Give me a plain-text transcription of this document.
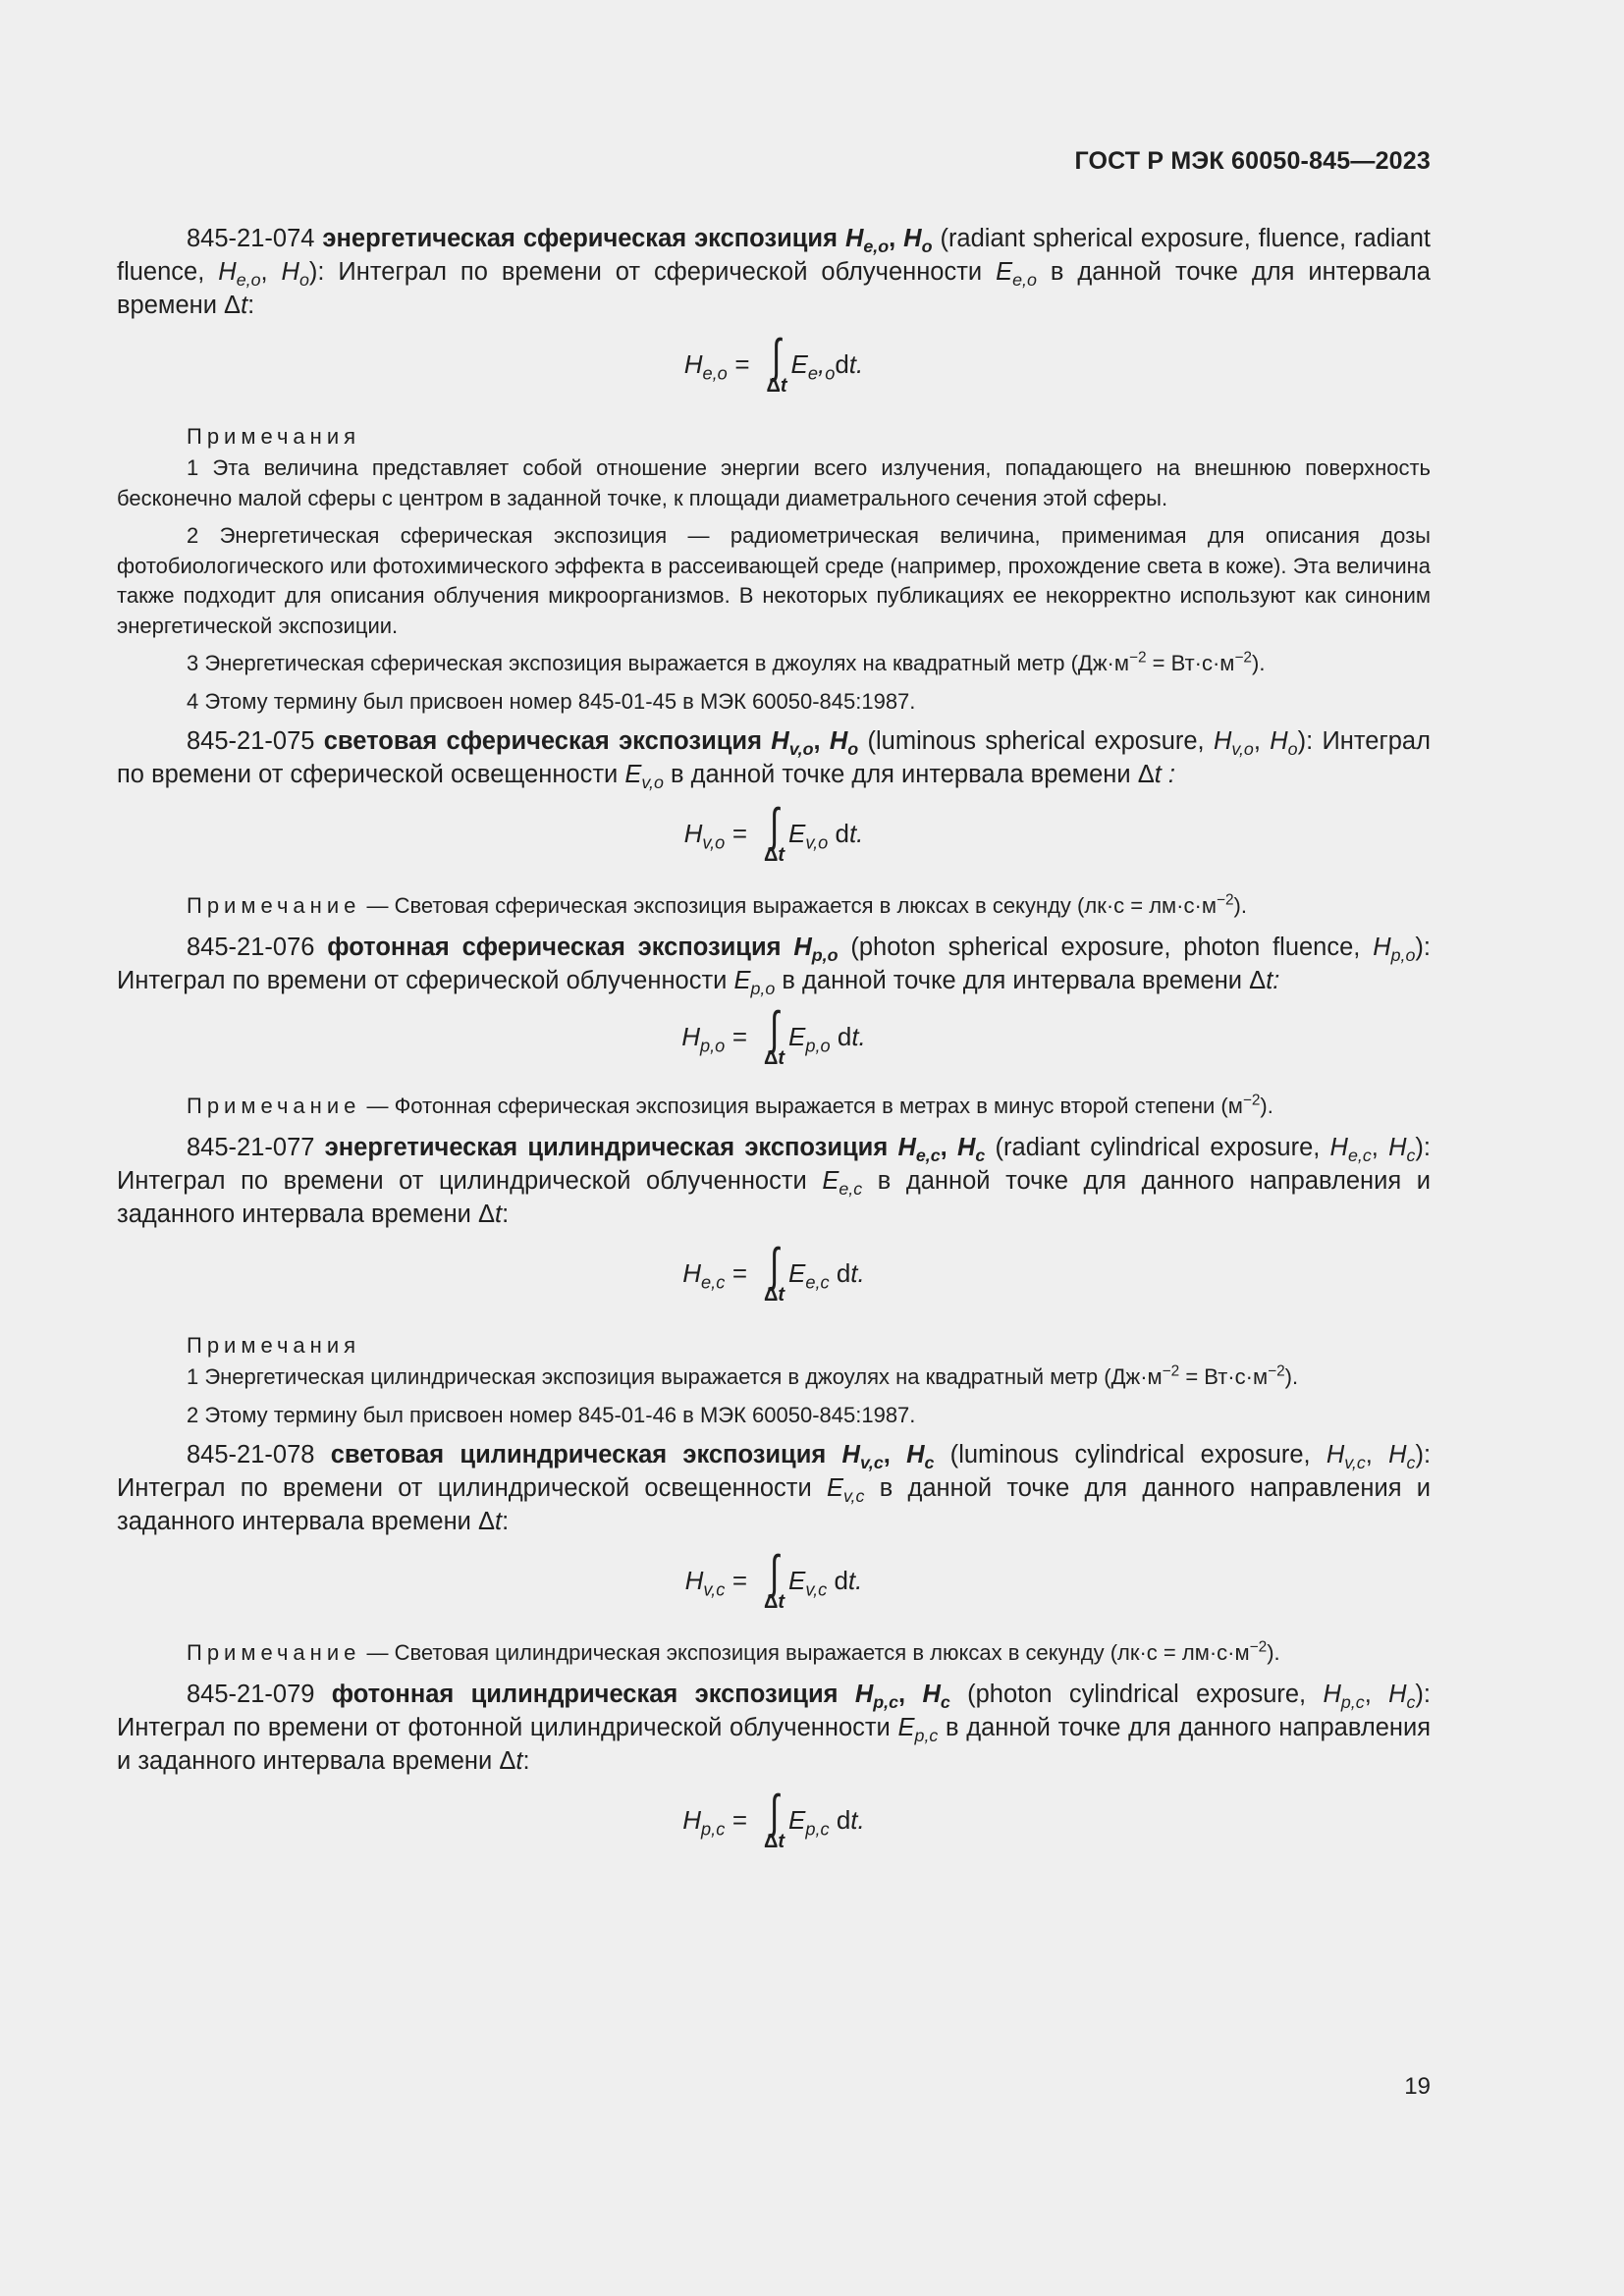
ГОСТ Р МЭК 60050-845—2023

845-21-074 энергетическая сферическая экспозиция $H_{e,o}$, $H_o$ (radiant spherical exposure, fluence, radiant fluence, $H_{e,o}$, $H_o$): Интеграл по времени от сферической облученности $E_{e,o}$ в данной точке для интервала времени Δt:

$H_{e,o}$ = ∫
Δt
$E_e,_odt$.

Примечания

1 Эта величина представляет собой отношение энергии всего излучения, попадающего на внешнюю поверхность бесконечно малой сферы с центром в заданной точке, к площади диаметрального сечения этой сферы.

2 Энергетическая сферическая экспозиция — радиометрическая величина, применимая для описания дозы фотобиологического или фотохимического эффекта в рассеивающей среде (например, прохождение света в коже). Эта величина также подходит для описания облучения микроорганизмов. В некоторых публикациях ее некорректно используют как синоним энергетической экспозиции.

3 Энергетическая сферическая экспозиция выражается в джоулях на квадратный метр $(Дж\cdot м^{-2} = Вт\cdot с\cdot м^{-2})$.

4 Этому термину был присвоен номер 845-01-45 в МЭК 60050-845:1987.

845-21-075 световая сферическая экспозиция $H_{v,o}$, $H_o$ (luminous spherical exposure, $H_{v,o}$, $H_o$): Интеграл по времени от сферической освещенности $E_{v,o}$ в данной точке для интервала времени Δt :

$H_{v,o}$ = ∫
Δt
$E_{v,o}$ dt.

Примечание — Световая сферическая экспозиция выражается в люксах в секунду $(лк\cdot с = лм\cdot с\cdot м^{-2})$.

845-21-076 фотонная сферическая экспозиция $H_{p,o}$ (photon spherical exposure, photon fluence, $H_{p,o}$): Интеграл по времени от сферической облученности $E_{p,o}$ в данной точке для интервала времени Δt:

$H_{p,o}$ = ∫
Δt
$E_{p,o}$ dt.

Примечание — Фотонная сферическая экспозиция выражается в метрах в минус второй степени $(м^{-2})$.

845-21-077 энергетическая цилиндрическая экспозиция $H_{e,c}$, $H_c$ (radiant cylindrical exposure, $H_{e,c}$, $H_c$): Интеграл по времени от цилиндрической облученности $E_{e,c}$ в данной точке для данного направления и заданного интервала времени Δt:

$H_{e,c}$ = ∫
Δt
$E_{e,c}$ dt.

Примечания

1 Энергетическая цилиндрическая экспозиция выражается в джоулях на квадратный метр $(Дж\cdot м^{-2} = Вт\cdot с\cdot м^{-2})$.

2 Этому термину был присвоен номер 845-01-46 в МЭК 60050-845:1987.

845-21-078 световая цилиндрическая экспозиция $H_{v,c}$, $H_c$ (luminous cylindrical exposure, $H_{v,c}$, $H_c$): Интеграл по времени от цилиндрической освещенности $E_{v,c}$ в данной точке для данного направления и заданного интервала времени Δt:

$H_{v,c}$ = ∫
Δt
$E_{v,c}$ dt.

Примечание — Световая цилиндрическая экспозиция выражается в люксах в секунду $(лк\cdot с = лм\cdot с\cdot м^{-2})$.

845-21-079 фотонная цилиндрическая экспозиция $H_{p,c}$, $H_c$ (photon cylindrical exposure, $H_{p,c}$, $H_c$): Интеграл по времени от фотонной цилиндрической облученности $E_{p,c}$ в данной точке для данного направления и заданного интервала времени Δt:

$H_{p,c}$ = ∫
Δt
$E_{p,c}$ dt.
19
